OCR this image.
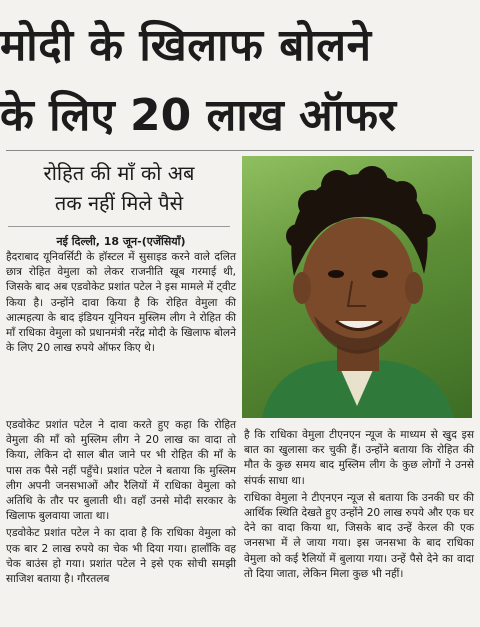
मोदी के खिलाफ बोलने
के लिए 20 लाख ऑफर
रोहित की माँ को अब
तक नहीं मिले पैसे
नई दिल्ली, 18 जून-(एजेंसियाँ)

हैदराबाद यूनिवर्सिटी के हॉस्टल में सुसाइड करने वाले दलित छात्र रोहित वेमुला को लेकर राजनीति खूब गरमाई थी, जिसके बाद अब एडवोकेट प्रशांत पटेल ने इस मामले में ट्वीट किया है। उन्होंने दावा किया है कि रोहित वेमुला की आत्महत्या के बाद इंडियन यूनियन मुस्लिम लीग ने रोहित की माँ राधिका वेमुला को प्रधानमंत्री नरेंद्र मोदी के खिलाफ बोलने के लिए 20 लाख रुपये ऑफर किए थे।

एडवोकेट प्रशांत पटेल ने दावा करते हुए कहा कि रोहित वेमुला की माँ को मुस्लिम लीग ने 20 लाख का वादा तो किया, लेकिन दो साल बीत जाने पर भी रोहित की माँ के पास तक पैसे नहीं पहुँचे। प्रशांत पटेल ने बताया कि मुस्लिम लीग अपनी जनसभाओं और रैलियों में राधिका वेमुला को अतिथि के तौर पर बुलाती थी। वहाँ उनसे मोदी सरकार के खिलाफ बुलवाया जाता था।

एडवोकेट प्रशांत पटेल ने का दावा है कि राधिका वेमुला को एक बार 2 लाख रुपये का चेक भी दिया गया। हालाँकि वह चेक बाउंस हो गया। प्रशांत पटेल ने इसे एक सोची समझी साजिश बताया है। गौरतलब

है कि राधिका वेमुला टीएनएन न्यूज के माध्यम से खुद इस बात का खुलासा कर चुकी हैं। उन्होंने बताया कि रोहित की मौत के कुछ समय बाद मुस्लिम लीग के कुछ लोगों ने उनसे संपर्क साधा था।

राधिका वेमुला ने टीएनएन न्यूज से बताया कि उनकी घर की आर्थिक स्थिति देखते हुए उन्होंने 20 लाख रुपये और एक घर देने का वादा किया था, जिसके बाद उन्हें केरल की एक जनसभा में ले जाया गया। इस जनसभा के बाद राधिका वेमुला को कई रैलियों में बुलाया गया। उन्हें पैसे देने का वादा तो दिया जाता, लेकिन मिला कुछ भी नहीं।
